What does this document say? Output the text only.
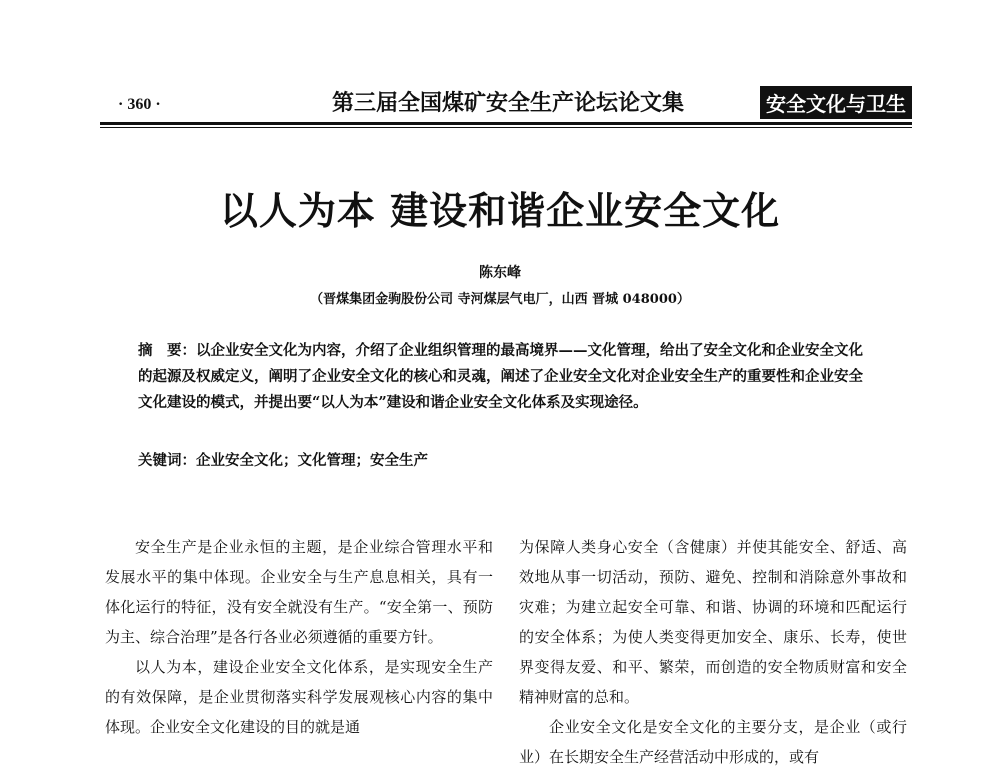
· 360 ·	第三届全国煤矿安全生产论坛论文集	安全文化与卫生
以人为本 建设和谐企业安全文化
陈东峰
（晋煤集团金驹股份公司 寺河煤层气电厂，山西 晋城 048000）
摘　要：以企业安全文化为内容，介绍了企业组织管理的最高境界——文化管理，给出了安全文化和企业安全文化的起源及权威定义，阐明了企业安全文化的核心和灵魂，阐述了企业安全文化对企业安全生产的重要性和企业安全文化建设的模式，并提出要“以人为本”建设和谐企业安全文化体系及实现途径。
关键词：企业安全文化；文化管理；安全生产

安全生产是企业永恒的主题，是企业综合管理水平和发展水平的集中体现。企业安全与生产息息相关，具有一体化运行的特征，没有安全就没有生产。“安全第一、预防为主、综合治理”是各行各业必须遵循的重要方针。

以人为本，建设企业安全文化体系，是实现安全生产的有效保障，是企业贯彻落实科学发展观核心内容的集中体现。企业安全文化建设的目的就是通

为保障人类身心安全（含健康）并使其能安全、舒适、高效地从事一切活动，预防、避免、控制和消除意外事故和灾难；为建立起安全可靠、和谐、协调的环境和匹配运行的安全体系；为使人类变得更加安全、康乐、长寿，使世界变得友爱、和平、繁荣，而创造的安全物质财富和安全精神财富的总和。

企业安全文化是安全文化的主要分支，是企业（或行业）在长期安全生产经营活动中形成的，或有
